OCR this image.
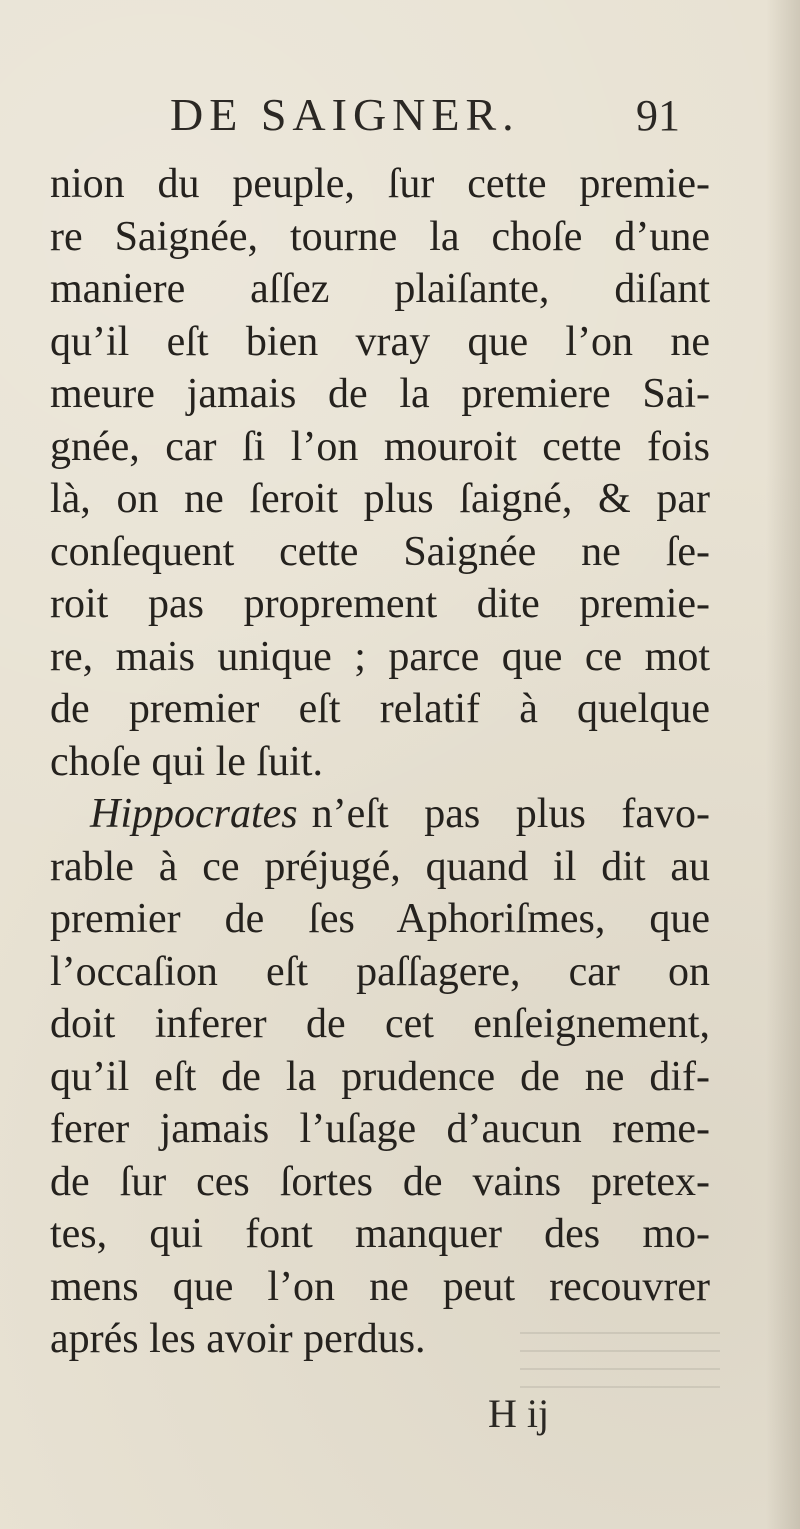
DE SAIGNER.	91
nion du peuple, ſur cette premie-
re Saignée, tourne la choſe d’une
maniere aſſez plaiſante, diſant
qu’il eſt bien vray que l’on ne
meure jamais de la premiere Sai-
gnée, car ſi l’on mouroit cette fois
là, on ne ſeroit plus ſaigné, & par
conſequent cette Saignée ne ſe-
roit pas proprement dite premie-
re, mais unique ; parce que ce mot
de premier eſt relatif à quelque
choſe qui le ſuit.
Hippocrates n’eſt pas plus favo-
rable à ce préjugé, quand il dit au
premier de ſes Aphoriſmes, que
l’occaſion eſt paſſagere, car on
doit inferer de cet enſeignement,
qu’il eſt de la prudence de ne dif-
ferer jamais l’uſage d’aucun reme-
de ſur ces ſortes de vains pretex-
tes, qui font manquer des mo-
mens que l’on ne peut recouvrer
aprés les avoir perdus.
H ij
